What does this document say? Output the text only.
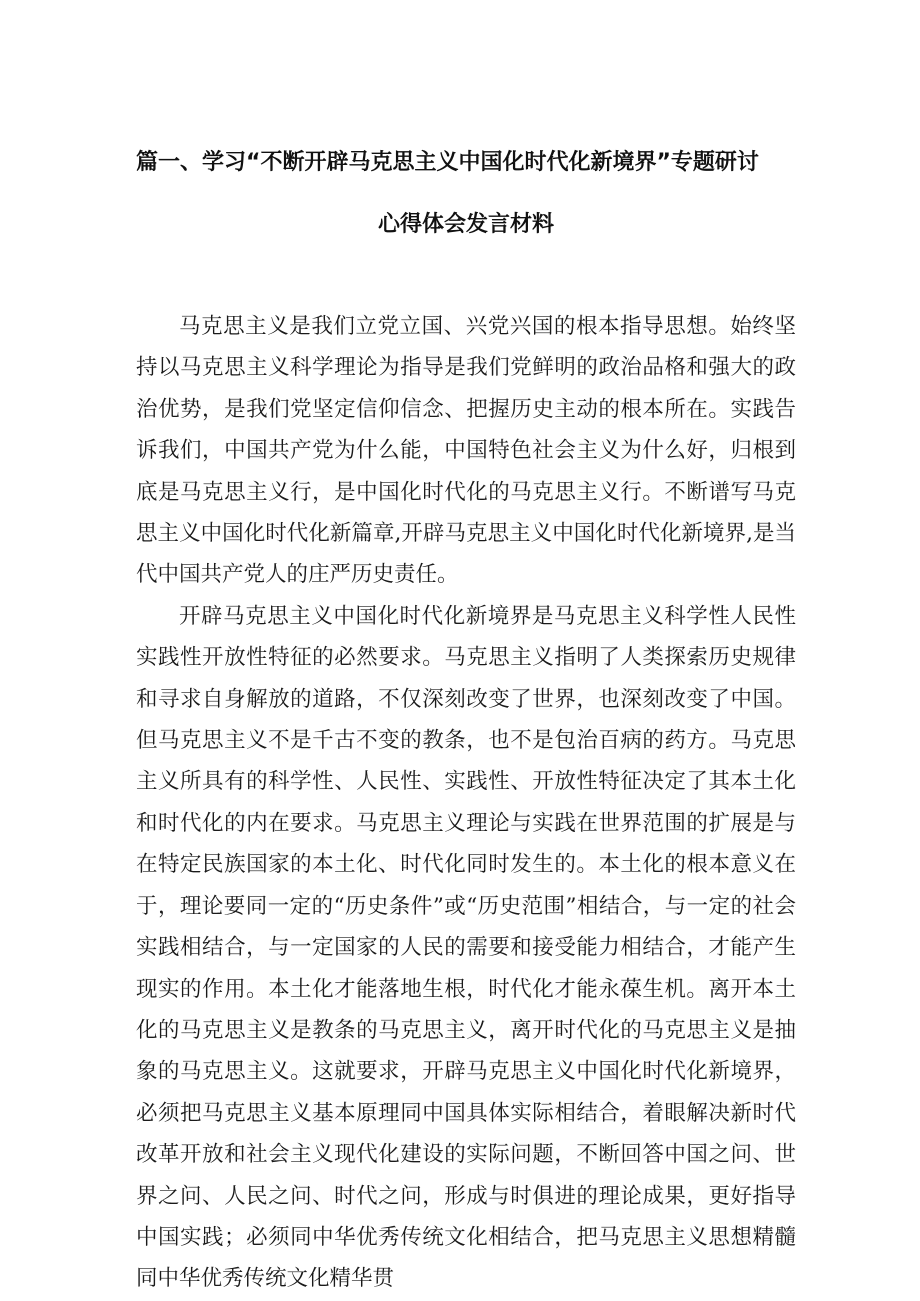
篇一、学习“不断开辟马克思主义中国化时代化新境界”专题研讨
心得体会发言材料

马克思主义是我们立党立国、兴党兴国的根本指导思想。始终坚持以马克思主义科学理论为指导是我们党鲜明的政治品格和强大的政治优势，是我们党坚定信仰信念、把握历史主动的根本所在。实践告诉我们，中国共产党为什么能，中国特色社会主义为什么好，归根到底是马克思主义行，是中国化时代化的马克思主义行。不断谱写马克思主义中国化时代化新篇章,开辟马克思主义中国化时代化新境界,是当代中国共产党人的庄严历史责任。

开辟马克思主义中国化时代化新境界是马克思主义科学性人民性实践性开放性特征的必然要求。马克思主义指明了人类探索历史规律和寻求自身解放的道路，不仅深刻改变了世界，也深刻改变了中国。但马克思主义不是千古不变的教条，也不是包治百病的药方。马克思主义所具有的科学性、人民性、实践性、开放性特征决定了其本土化和时代化的内在要求。马克思主义理论与实践在世界范围的扩展是与在特定民族国家的本土化、时代化同时发生的。本土化的根本意义在于，理论要同一定的“历史条件”或“历史范围”相结合，与一定的社会实践相结合，与一定国家的人民的需要和接受能力相结合，才能产生现实的作用。本土化才能落地生根，时代化才能永葆生机。离开本土化的马克思主义是教条的马克思主义，离开时代化的马克思主义是抽象的马克思主义。这就要求，开辟马克思主义中国化时代化新境界，必须把马克思主义基本原理同中国具体实际相结合，着眼解决新时代改革开放和社会主义现代化建设的实际问题，不断回答中国之问、世界之问、人民之问、时代之问，形成与时俱进的理论成果，更好指导中国实践；必须同中华优秀传统文化相结合，把马克思主义思想精髓同中华优秀传统文化精华贯
